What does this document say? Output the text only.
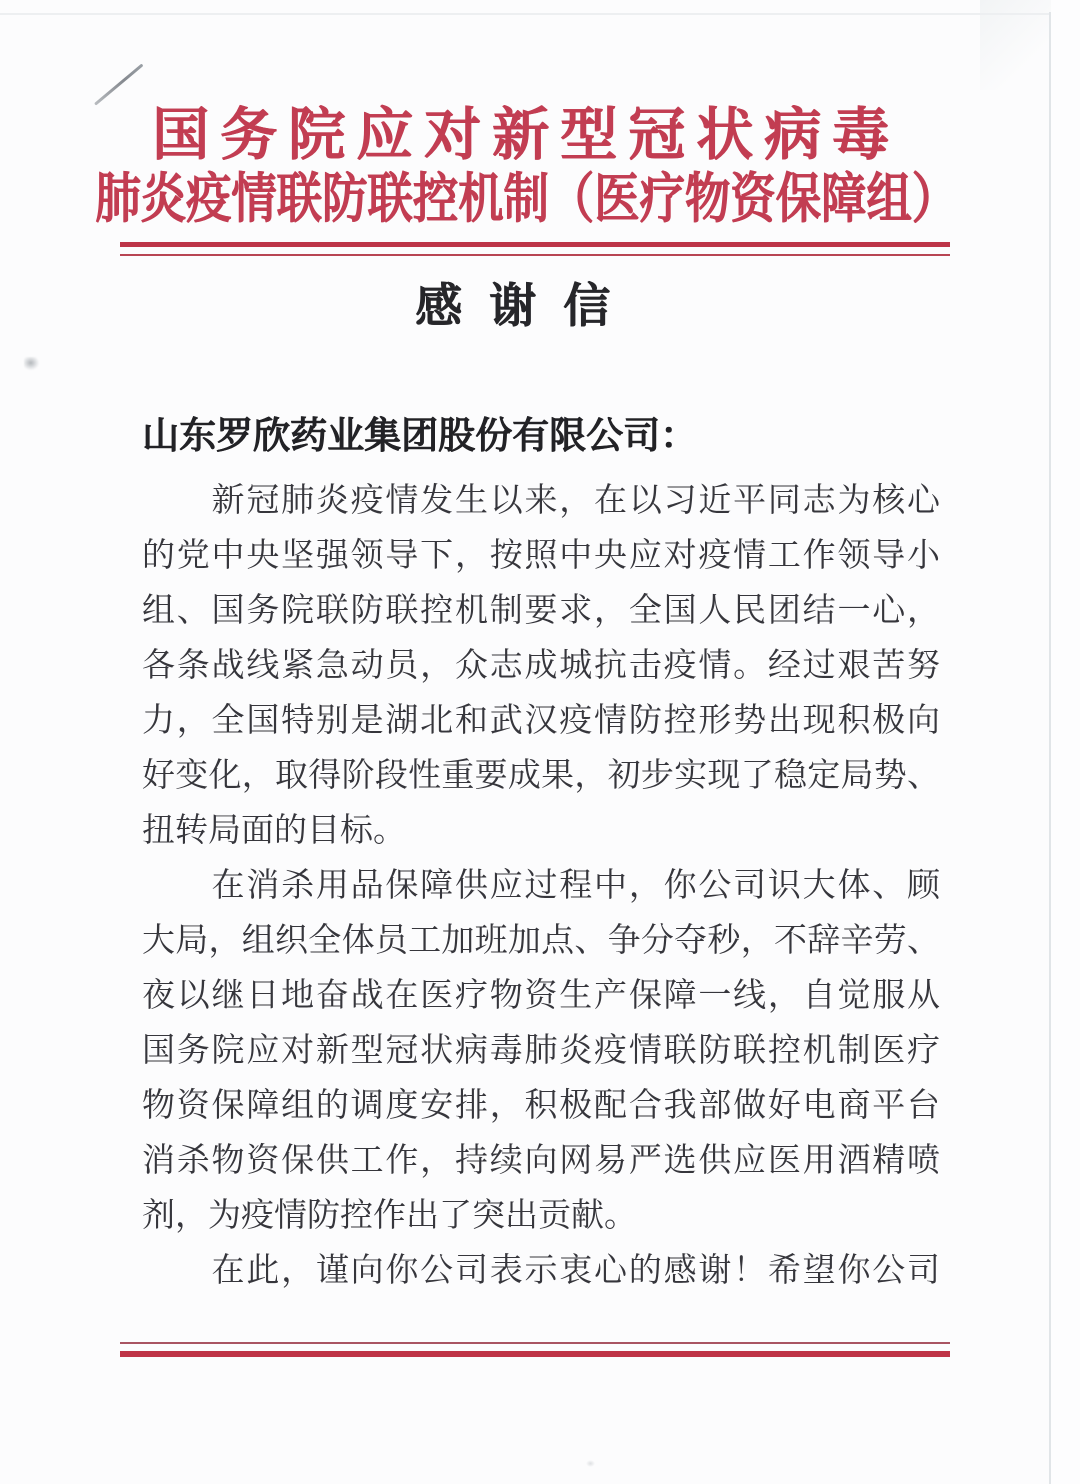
国务院应对新型冠状病毒
肺炎疫情联防联控机制（医疗物资保障组）
感谢信
山东罗欣药业集团股份有限公司：
　　新冠肺炎疫情发生以来，在以习近平同志为核心
的党中央坚强领导下，按照中央应对疫情工作领导小
组、国务院联防联控机制要求，全国人民团结一心，
各条战线紧急动员，众志成城抗击疫情。经过艰苦努
力，全国特别是湖北和武汉疫情防控形势出现积极向
好变化，取得阶段性重要成果，初步实现了稳定局势、
扭转局面的目标。
　　在消杀用品保障供应过程中，你公司识大体、顾
大局，组织全体员工加班加点、争分夺秒，不辞辛劳、
夜以继日地奋战在医疗物资生产保障一线，自觉服从
国务院应对新型冠状病毒肺炎疫情联防联控机制医疗
物资保障组的调度安排，积极配合我部做好电商平台
消杀物资保供工作，持续向网易严选供应医用酒精喷
剂，为疫情防控作出了突出贡献。
　　在此，谨向你公司表示衷心的感谢！希望你公司
